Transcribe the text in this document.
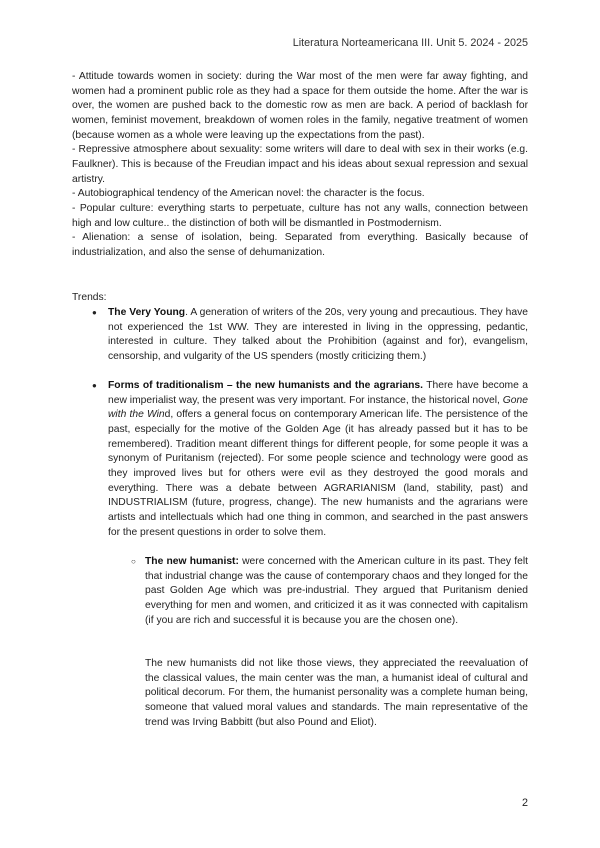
Literatura Norteamericana III. Unit 5. 2024 - 2025

- Attitude towards women in society: during the War most of the men were far away fighting, and women had a prominent public role as they had a space for them outside the home. After the war is over, the women are pushed back to the domestic row as men are back. A period of backlash for women, feminist movement, breakdown of women roles in the family, negative treatment of women (because women as a whole were leaving up the expectations from the past).

- Repressive atmosphere about sexuality: some writers will dare to deal with sex in their works (e.g. Faulkner). This is because of the Freudian impact and his ideas about sexual repression and sexual artistry.

- Autobiographical tendency of the American novel: the character is the focus.

- Popular culture: everything starts to perpetuate, culture has not any walls, connection between high and low culture.. the distinction of both will be dismantled in Postmodernism.

- Alienation: a sense of isolation, being. Separated from everything. Basically because of industrialization, and also the sense of dehumanization.

Trends:
● The Very Young. A generation of writers of the 20s, very young and precautious. They have not experienced the 1st WW. They are interested in living in the oppressing, pedantic, interested in culture. They talked about the Prohibition (against and for), evangelism, censorship, and vulgarity of the US spenders (mostly criticizing them.)
● Forms of traditionalism – the new humanists and the agrarians. There have become a new imperialist way, the present was very important. For instance, the historical novel, Gone with the Wind, offers a general focus on contemporary American life. The persistence of the past, especially for the motive of the Golden Age (it has already passed but it has to be remembered). Tradition meant different things for different people, for some people it was a synonym of Puritanism (rejected). For some people science and technology were good as they improved lives but for others were evil as they destroyed the good morals and everything. There was a debate between AGRARIANISM (land, stability, past) and INDUSTRIALISM (future, progress, change). The new humanists and the agrarians were artists and intellectuals which had one thing in common, and searched in the past answers for the present questions in order to solve them.
○ The new humanist: were concerned with the American culture in its past. They felt that industrial change was the cause of contemporary chaos and they longed for the past Golden Age which was pre-industrial. They argued that Puritanism denied everything for men and women, and criticized it as it was connected with capitalism (if you are rich and successful it is because you are the chosen one).
The new humanists did not like those views, they appreciated the reevaluation of the classical values, the main center was the man, a humanist ideal of cultural and political decorum. For them, the humanist personality was a complete human being, someone that valued moral values and standards. The main representative of the trend was Irving Babbitt (but also Pound and Eliot).
2
